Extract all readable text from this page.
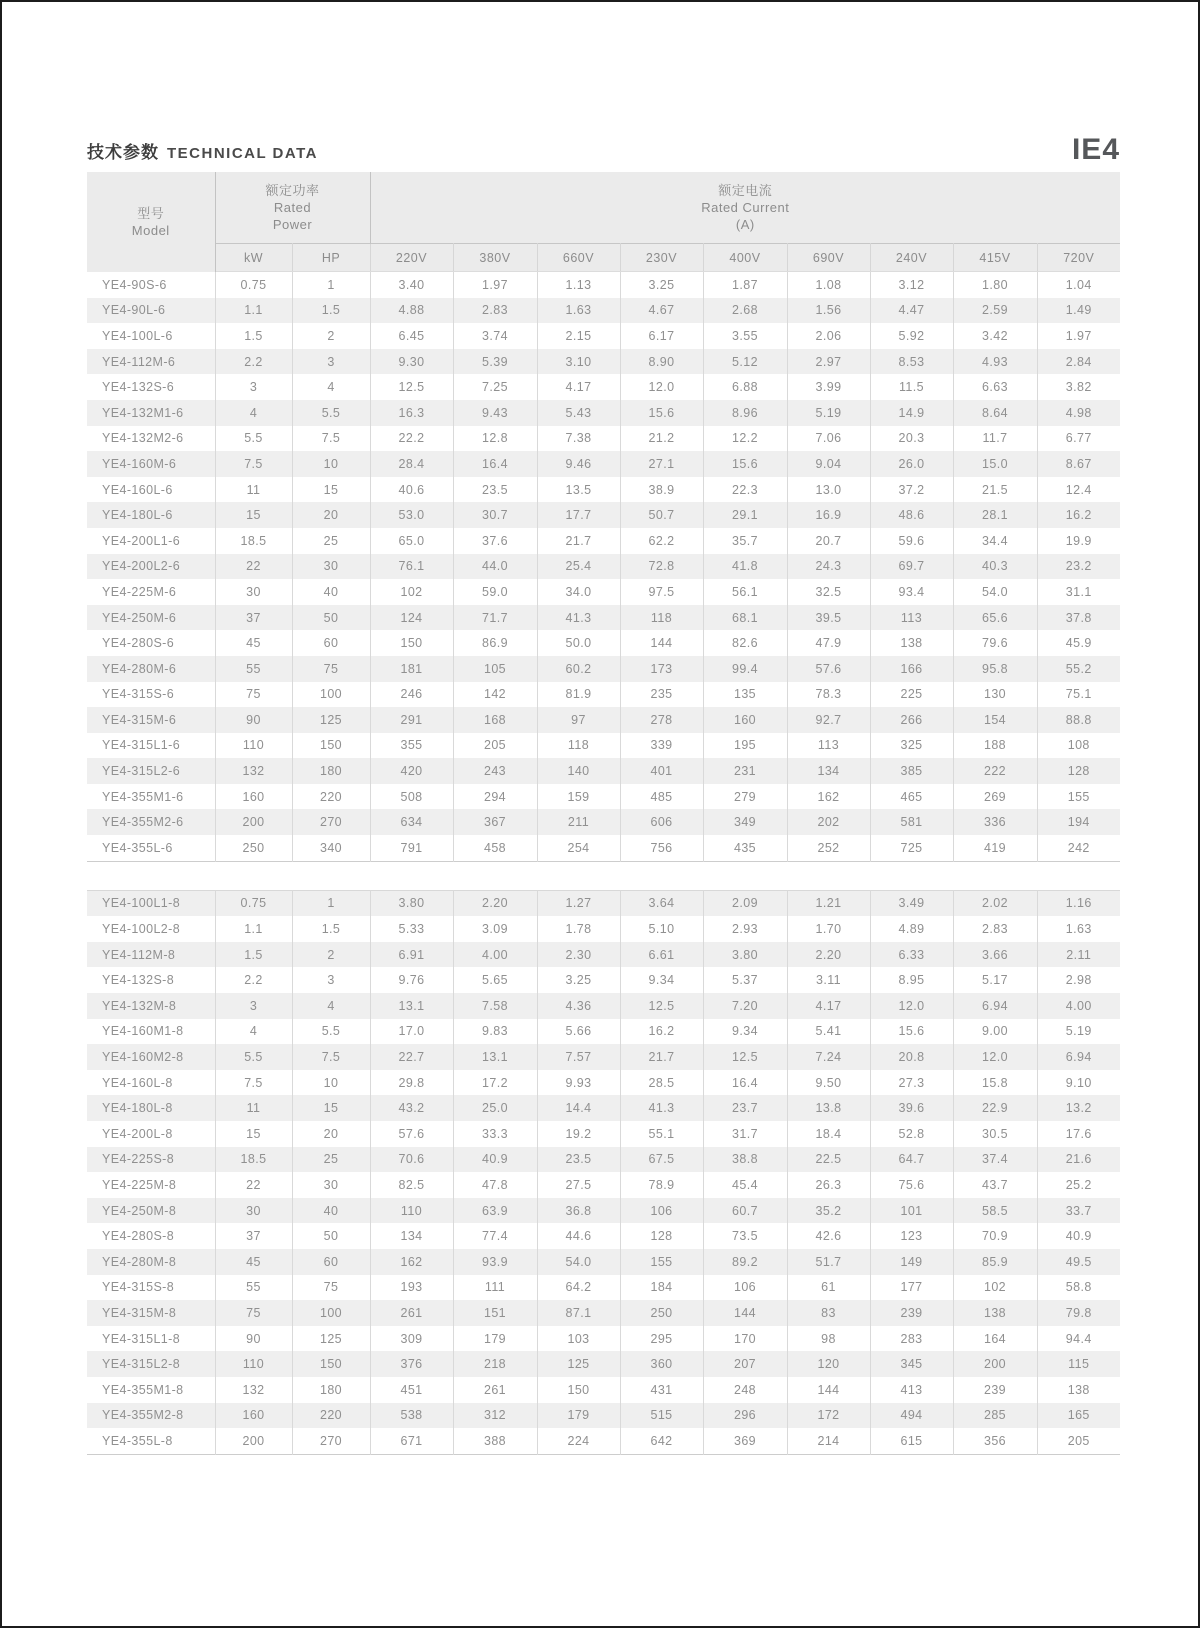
技术参数 TECHNICAL DATA	IE4
型号
Model

额定功率
Rated
Power

额定电流
Rated Current
(A)

	kW	HP	220V	380V	660V	230V	400V	690V	240V	415V	720V
YE4-90S-6	0.75	1	3.40	1.97	1.13	3.25	1.87	1.08	3.12	1.80	1.04
YE4-90L-6	1.1	1.5	4.88	2.83	1.63	4.67	2.68	1.56	4.47	2.59	1.49
YE4-100L-6	1.5	2	6.45	3.74	2.15	6.17	3.55	2.06	5.92	3.42	1.97
YE4-112M-6	2.2	3	9.30	5.39	3.10	8.90	5.12	2.97	8.53	4.93	2.84
YE4-132S-6	3	4	12.5	7.25	4.17	12.0	6.88	3.99	11.5	6.63	3.82
YE4-132M1-6	4	5.5	16.3	9.43	5.43	15.6	8.96	5.19	14.9	8.64	4.98
YE4-132M2-6	5.5	7.5	22.2	12.8	7.38	21.2	12.2	7.06	20.3	11.7	6.77
YE4-160M-6	7.5	10	28.4	16.4	9.46	27.1	15.6	9.04	26.0	15.0	8.67
YE4-160L-6	11	15	40.6	23.5	13.5	38.9	22.3	13.0	37.2	21.5	12.4
YE4-180L-6	15	20	53.0	30.7	17.7	50.7	29.1	16.9	48.6	28.1	16.2
YE4-200L1-6	18.5	25	65.0	37.6	21.7	62.2	35.7	20.7	59.6	34.4	19.9
YE4-200L2-6	22	30	76.1	44.0	25.4	72.8	41.8	24.3	69.7	40.3	23.2
YE4-225M-6	30	40	102	59.0	34.0	97.5	56.1	32.5	93.4	54.0	31.1
YE4-250M-6	37	50	124	71.7	41.3	118	68.1	39.5	113	65.6	37.8
YE4-280S-6	45	60	150	86.9	50.0	144	82.6	47.9	138	79.6	45.9
YE4-280M-6	55	75	181	105	60.2	173	99.4	57.6	166	95.8	55.2
YE4-315S-6	75	100	246	142	81.9	235	135	78.3	225	130	75.1
YE4-315M-6	90	125	291	168	97	278	160	92.7	266	154	88.8
YE4-315L1-6	110	150	355	205	118	339	195	113	325	188	108
YE4-315L2-6	132	180	420	243	140	401	231	134	385	222	128
YE4-355M1-6	160	220	508	294	159	485	279	162	465	269	155
YE4-355M2-6	200	270	634	367	211	606	349	202	581	336	194
YE4-355L-6	250	340	791	458	254	756	435	252	725	419	242
YE4-100L1-8	0.75	1	3.80	2.20	1.27	3.64	2.09	1.21	3.49	2.02	1.16
YE4-100L2-8	1.1	1.5	5.33	3.09	1.78	5.10	2.93	1.70	4.89	2.83	1.63
YE4-112M-8	1.5	2	6.91	4.00	2.30	6.61	3.80	2.20	6.33	3.66	2.11
YE4-132S-8	2.2	3	9.76	5.65	3.25	9.34	5.37	3.11	8.95	5.17	2.98
YE4-132M-8	3	4	13.1	7.58	4.36	12.5	7.20	4.17	12.0	6.94	4.00
YE4-160M1-8	4	5.5	17.0	9.83	5.66	16.2	9.34	5.41	15.6	9.00	5.19
YE4-160M2-8	5.5	7.5	22.7	13.1	7.57	21.7	12.5	7.24	20.8	12.0	6.94
YE4-160L-8	7.5	10	29.8	17.2	9.93	28.5	16.4	9.50	27.3	15.8	9.10
YE4-180L-8	11	15	43.2	25.0	14.4	41.3	23.7	13.8	39.6	22.9	13.2
YE4-200L-8	15	20	57.6	33.3	19.2	55.1	31.7	18.4	52.8	30.5	17.6
YE4-225S-8	18.5	25	70.6	40.9	23.5	67.5	38.8	22.5	64.7	37.4	21.6
YE4-225M-8	22	30	82.5	47.8	27.5	78.9	45.4	26.3	75.6	43.7	25.2
YE4-250M-8	30	40	110	63.9	36.8	106	60.7	35.2	101	58.5	33.7
YE4-280S-8	37	50	134	77.4	44.6	128	73.5	42.6	123	70.9	40.9
YE4-280M-8	45	60	162	93.9	54.0	155	89.2	51.7	149	85.9	49.5
YE4-315S-8	55	75	193	111	64.2	184	106	61	177	102	58.8
YE4-315M-8	75	100	261	151	87.1	250	144	83	239	138	79.8
YE4-315L1-8	90	125	309	179	103	295	170	98	283	164	94.4
YE4-315L2-8	110	150	376	218	125	360	207	120	345	200	115
YE4-355M1-8	132	180	451	261	150	431	248	144	413	239	138
YE4-355M2-8	160	220	538	312	179	515	296	172	494	285	165
YE4-355L-8	200	270	671	388	224	642	369	214	615	356	205
